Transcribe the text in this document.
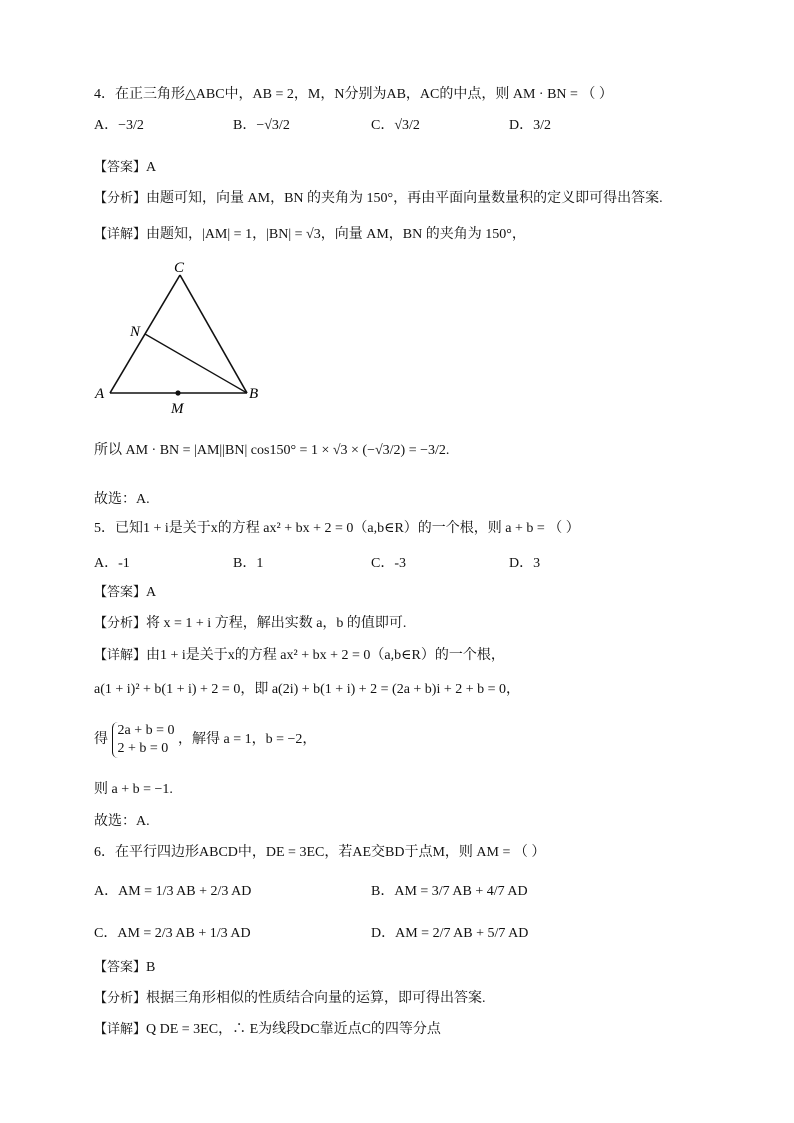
4．在正三角形△ABC中，AB = 2，M，N分别为AB，AC的中点，则 AM · BN = （ ）
A．−3/2	B．−√3/2	C．√3/2	D．3/2
【答案】A
【分析】由题可知，向量 AM，BN 的夹角为 150°，再由平面向量数量积的定义即可得出答案.
【详解】由题知，|AM| = 1，|BN| = √3，向量 AM，BN 的夹角为 150°，
C
N
A
M
B
所以 AM · BN = |AM||BN| cos150° = 1 × √3 × (−√3/2) = −3/2.
故选：A.
5．已知1 + i是关于x的方程 ax² + bx + 2 = 0（a,b∈R）的一个根，则 a + b = （ ）
A．-1	B．1	C．-3	D．3
【答案】A
【分析】将 x = 1 + i 方程，解出实数 a，b 的值即可.
【详解】由1 + i是关于x的方程 ax² + bx + 2 = 0（a,b∈R）的一个根，
a(1 + i)² + b(1 + i) + 2 = 0，即 a(2i) + b(1 + i) + 2 = (2a + b)i + 2 + b = 0，
得
2a + b = 0
2 + b = 0
，解得 a = 1，b = −2，
则 a + b = −1.
故选：A.
6．在平行四边形ABCD中，DE = 3EC，若AE交BD于点M，则 AM = （ ）
A．AM = 1/3 AB + 2/3 AD	B．AM = 3/7 AB + 4/7 AD
C．AM = 2/3 AB + 1/3 AD	D．AM = 2/7 AB + 5/7 AD
【答案】B
【分析】根据三角形相似的性质结合向量的运算，即可得出答案.
【详解】Q DE = 3EC，∴ E为线段DC靠近点C的四等分点
